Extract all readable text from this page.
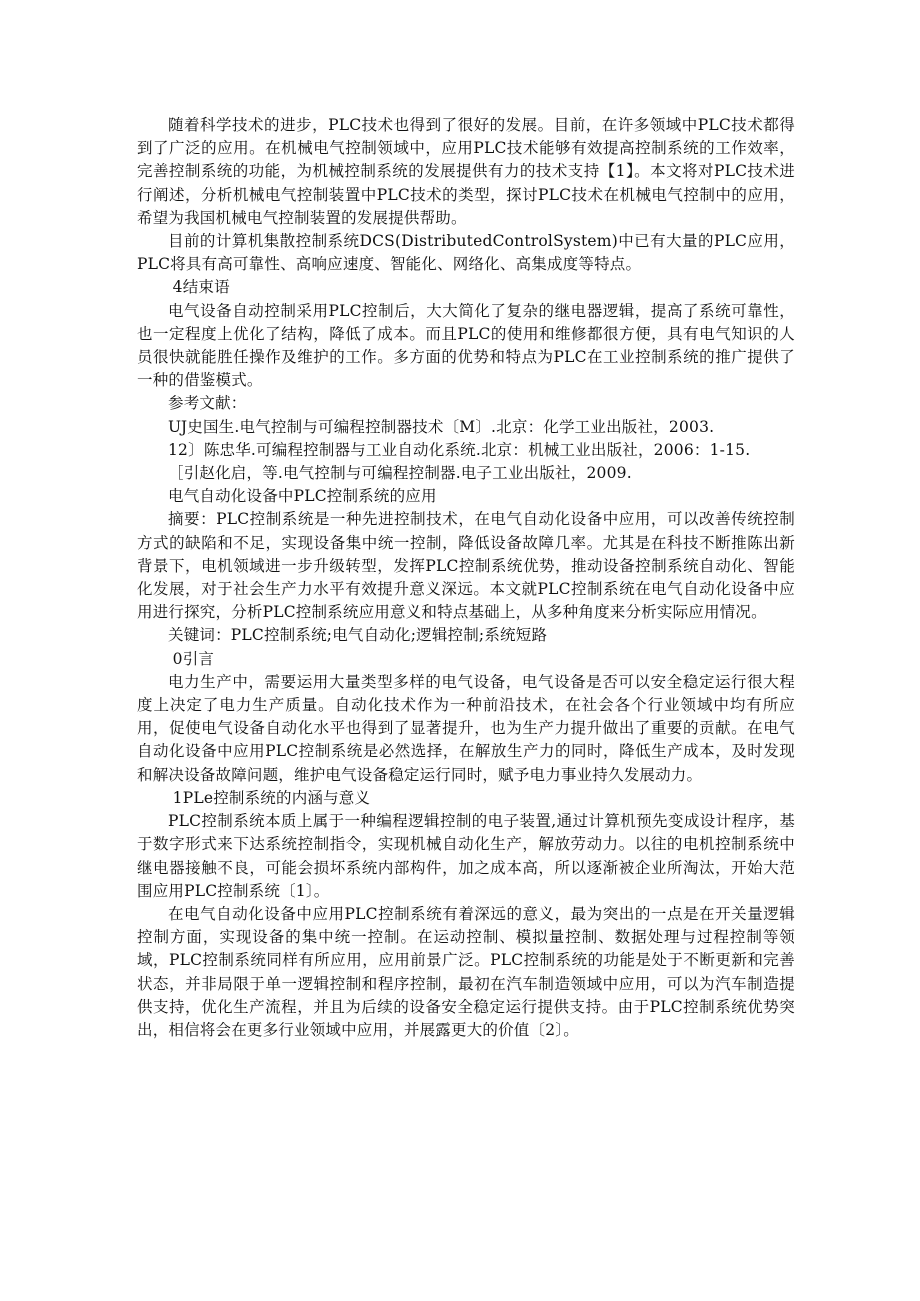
随着科学技术的进步，PLC技术也得到了很好的发展。目前，在许多领域中PLC技术都得到了广泛的应用。在机械电气控制领域中，应用PLC技术能够有效提高控制系统的工作效率，完善控制系统的功能，为机械控制系统的发展提供有力的技术支持【1】。本文将对PLC技术进行阐述，分析机械电气控制装置中PLC技术的类型，探讨PLC技术在机械电气控制中的应用，希望为我国机械电气控制装置的发展提供帮助。

目前的计算机集散控制系统DCS(DistributedControlSystem)中已有大量的PLC应用，PLC将具有高可靠性、高响应速度、智能化、网络化、高集成度等特点。

4结束语

电气设备自动控制采用PLC控制后，大大简化了复杂的继电器逻辑，提高了系统可靠性，也一定程度上优化了结构，降低了成本。而且PLC的使用和维修都很方便，具有电气知识的人员很快就能胜任操作及维护的工作。多方面的优势和特点为PLC在工业控制系统的推广提供了一种的借鉴模式。

参考文献：

UJ史国生.电气控制与可编程控制器技术〔M〕.北京：化学工业出版社，2003.

12〕陈忠华.可编程控制器与工业自动化系统.北京：机械工业出版社，2006：1-15.

［引赵化启，等.电气控制与可编程控制器.电子工业出版社，2009.

电气自动化设备中PLC控制系统的应用

摘要：PLC控制系统是一种先进控制技术，在电气自动化设备中应用，可以改善传统控制方式的缺陷和不足，实现设备集中统一控制，降低设备故障几率。尤其是在科技不断推陈出新背景下，电机领域进一步升级转型，发挥PLC控制系统优势，推动设备控制系统自动化、智能化发展，对于社会生产力水平有效提升意义深远。本文就PLC控制系统在电气自动化设备中应用进行探究，分析PLC控制系统应用意义和特点基础上，从多种角度来分析实际应用情况。

关键词：PLC控制系统;电气自动化;逻辑控制;系统短路

0引言

电力生产中，需要运用大量类型多样的电气设备，电气设备是否可以安全稳定运行很大程度上决定了电力生产质量。自动化技术作为一种前沿技术，在社会各个行业领域中均有所应用，促使电气设备自动化水平也得到了显著提升，也为生产力提升做出了重要的贡献。在电气自动化设备中应用PLC控制系统是必然选择，在解放生产力的同时，降低生产成本，及时发现和解决设备故障问题，维护电气设备稳定运行同时，赋予电力事业持久发展动力。

1PLe控制系统的内涵与意义

PLC控制系统本质上属于一种编程逻辑控制的电子装置,通过计算机预先变成设计程序，基于数字形式来下达系统控制指令，实现机械自动化生产，解放劳动力。以往的电机控制系统中继电器接触不良，可能会损坏系统内部构件，加之成本高，所以逐渐被企业所淘汰，开始大范围应用PLC控制系统〔1〕。

在电气自动化设备中应用PLC控制系统有着深远的意义，最为突出的一点是在开关量逻辑控制方面，实现设备的集中统一控制。在运动控制、模拟量控制、数据处理与过程控制等领域，PLC控制系统同样有所应用，应用前景广泛。PLC控制系统的功能是处于不断更新和完善状态，并非局限于单一逻辑控制和程序控制，最初在汽车制造领域中应用，可以为汽车制造提供支持，优化生产流程，并且为后续的设备安全稳定运行提供支持。由于PLC控制系统优势突出，相信将会在更多行业领域中应用，并展露更大的价值〔2〕。
